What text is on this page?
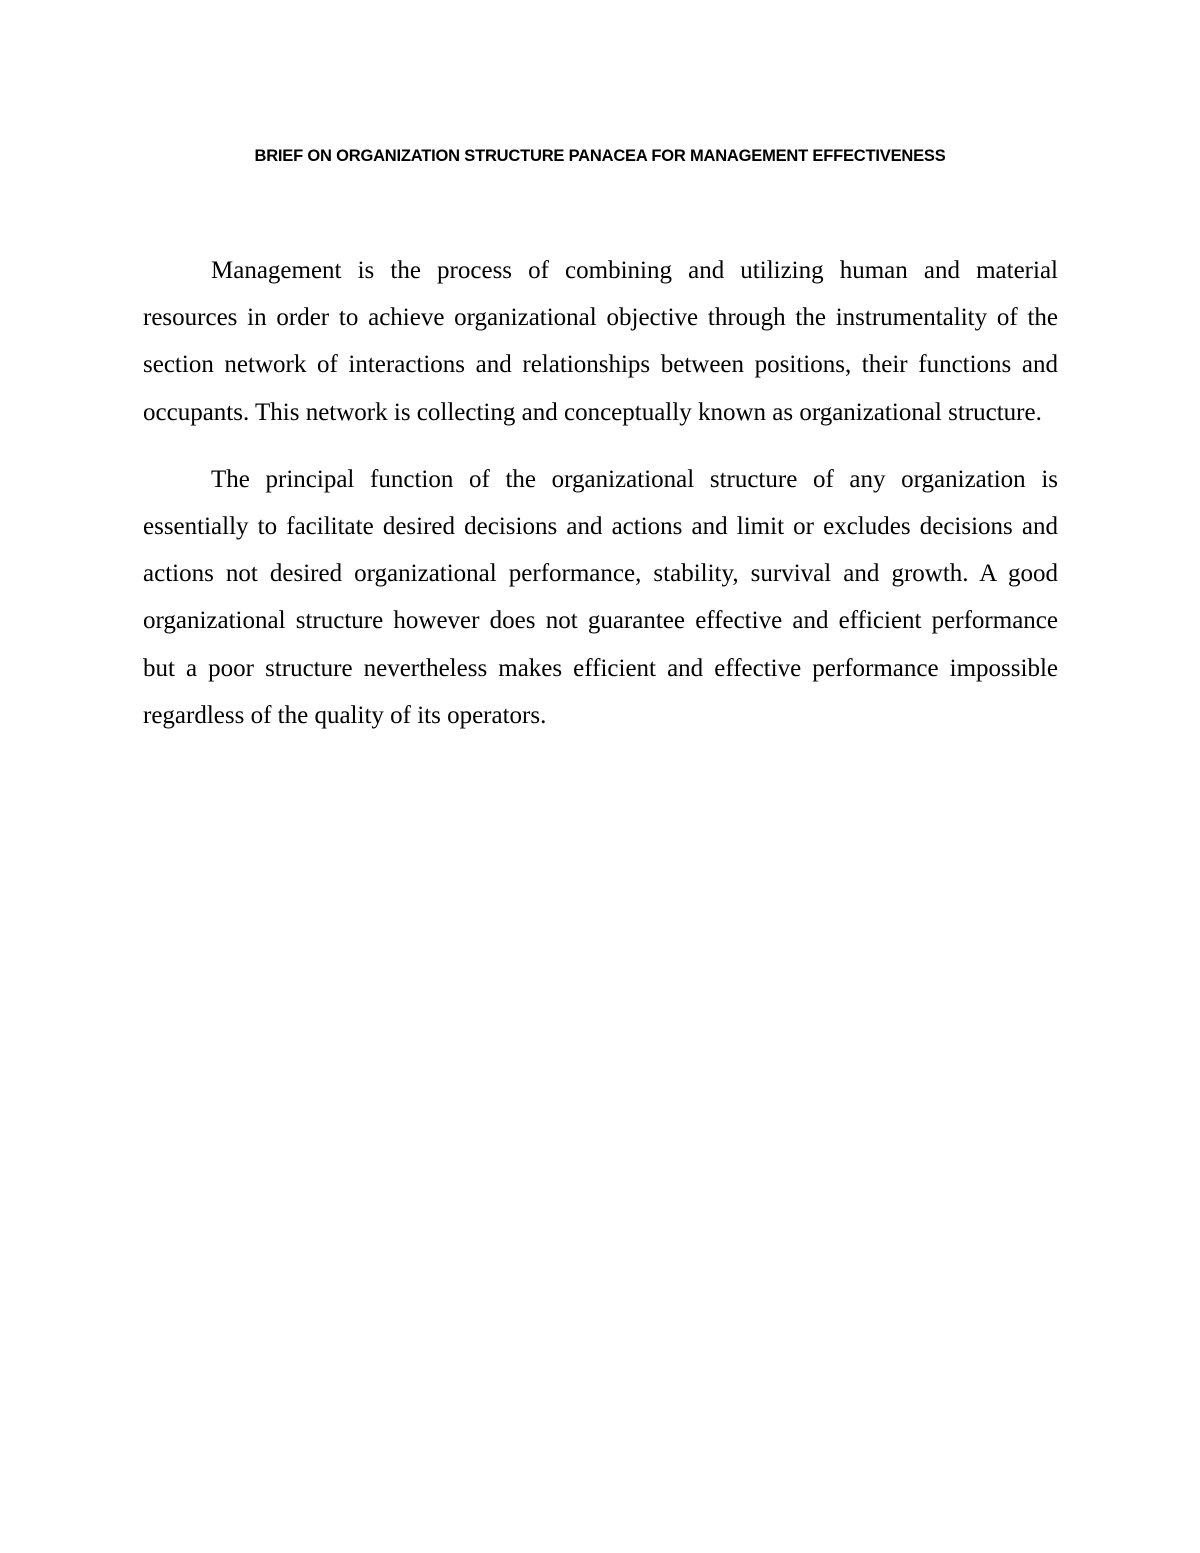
BRIEF ON ORGANIZATION STRUCTURE PANACEA FOR MANAGEMENT EFFECTIVENESS

Management is the process of combining and utilizing human and material resources in order to achieve organizational objective through the instrumentality of the section network of interactions and relationships between positions, their functions and occupants. This network is collecting and conceptually known as organizational structure.

The principal function of the organizational structure of any organization is essentially to facilitate desired decisions and actions and limit or excludes decisions and actions not desired organizational performance, stability, survival and growth. A good organizational structure however does not guarantee effective and efficient performance but a poor structure nevertheless makes efficient and effective performance impossible regardless of the quality of its operators.
